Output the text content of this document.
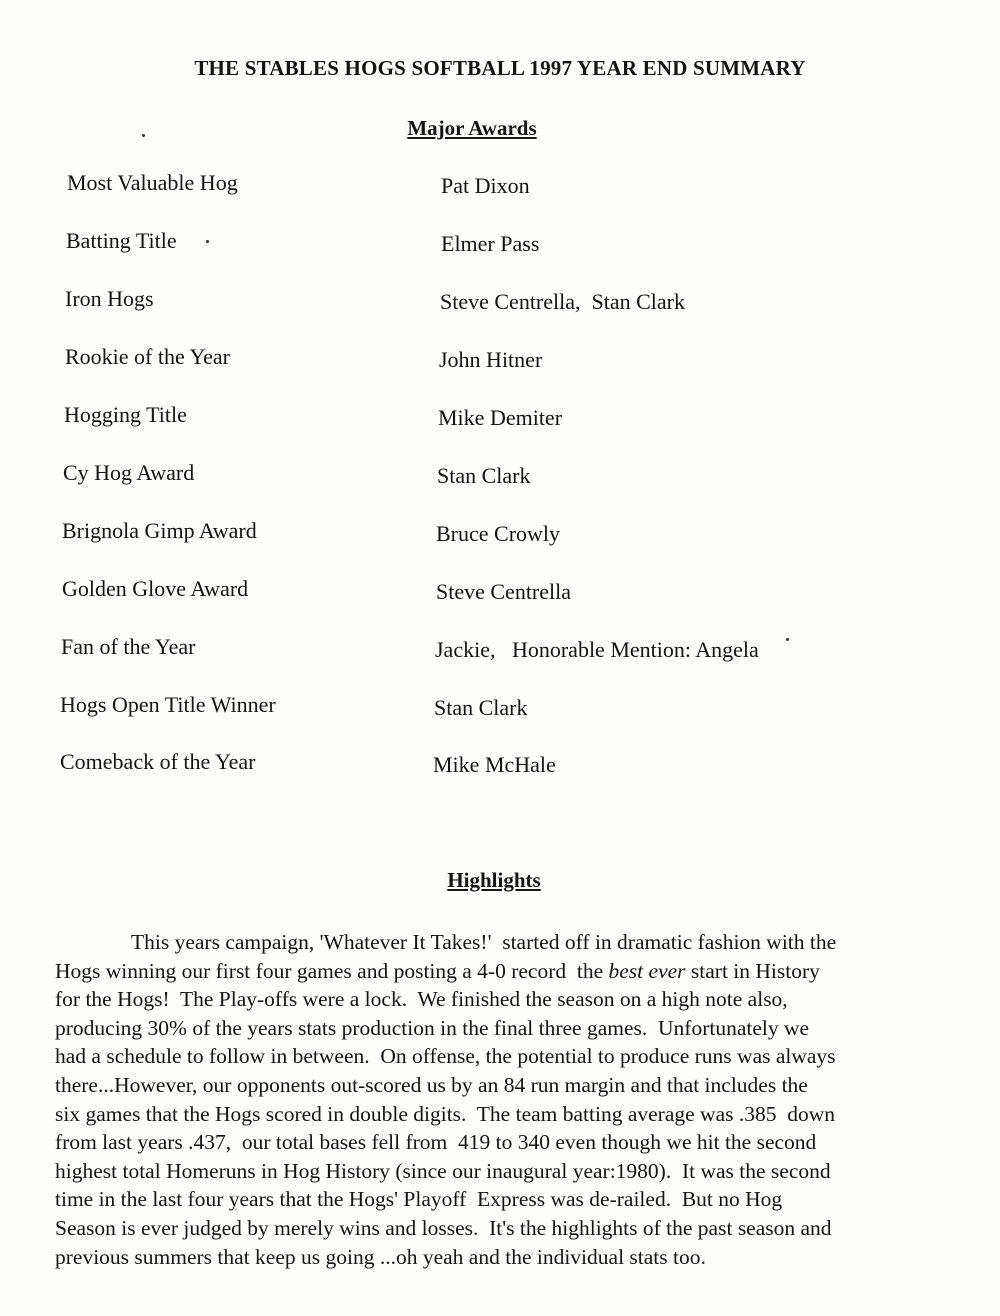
THE STABLES HOGS SOFTBALL 1997 YEAR END SUMMARY
Major Awards
Most Valuable Hog	Pat Dixon
Batting Title	Elmer Pass
Iron Hogs	Steve Centrella,  Stan Clark
Rookie of the Year	John Hitner
Hogging Title	Mike Demiter
Cy Hog Award	Stan Clark
Brignola Gimp Award	Bruce Crowly
Golden Glove Award	Steve Centrella
Fan of the Year	Jackie,   Honorable Mention: Angela
Hogs Open Title Winner	Stan Clark
Comeback of the Year	Mike McHale
Highlights
This years campaign, 'Whatever It Takes!'  started off in dramatic fashion with the
Hogs winning our first four games and posting a 4-0 record  the best ever start in History
for the Hogs!  The Play-offs were a lock.  We finished the season on a high note also,
producing 30% of the years stats production in the final three games.  Unfortunately we
had a schedule to follow in between.  On offense, the potential to produce runs was always
there...However, our opponents out-scored us by an 84 run margin and that includes the
six games that the Hogs scored in double digits.  The team batting average was .385  down
from last years .437,  our total bases fell from  419 to 340 even though we hit the second
highest total Homeruns in Hog History (since our inaugural year:1980).  It was the second
time in the last four years that the Hogs' Playoff  Express was de-railed.  But no Hog
Season is ever judged by merely wins and losses.  It's the highlights of the past season and
previous summers that keep us going ...oh yeah and the individual stats too.
